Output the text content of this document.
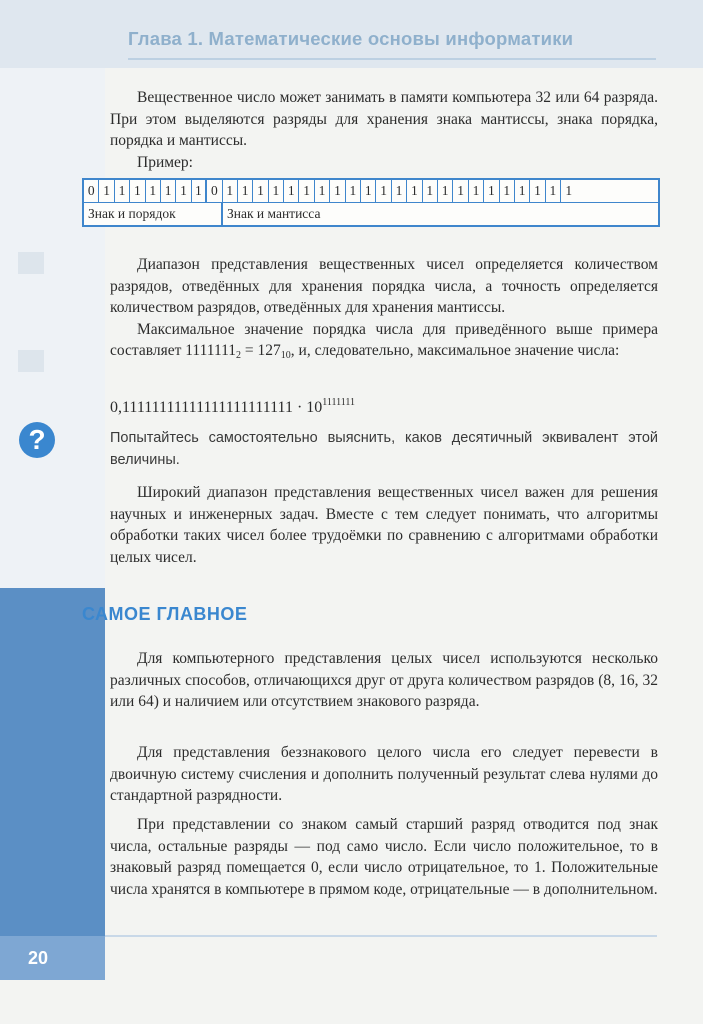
Глава 1. Математические основы информатики
20

Вещественное число может занимать в памяти компьютера 32 или 64 разряда. При этом выделяются разряды для хранения знака мантиссы, знака порядка, порядка и мантиссы.

Пример:

0 1 1 1 1 1 1 1 0 1 1 1 1 1 1 1 1 1 1 1 1 1 1 1 1 1 1 1 1 1 1 1
Знак и порядок	Знак и мантисса

Диапазон представления вещественных чисел определяется количеством разрядов, отведённых для хранения порядка числа, а точность определяется количеством разрядов, отведённых для хранения мантиссы.

Максимальное значение порядка числа для приведённого выше примера составляет $1111111_2 = 127_{10}$, и, следовательно, максимальное значение числа:

$0,11111111111111111111111 \cdot 10^{1111111}$
?	Попытайтесь самостоятельно выяснить, каков десятичный эквивалент этой величины.

Широкий диапазон представления вещественных чисел важен для решения научных и инженерных задач. Вместе с тем следует понимать, что алгоритмы обработки таких чисел более трудоёмки по сравнению с алгоритмами обработки целых чисел.

САМОЕ ГЛАВНОЕ

Для компьютерного представления целых чисел используются несколько различных способов, отличающихся друг от друга количеством разрядов (8, 16, 32 или 64) и наличием или отсутствием знакового разряда.

Для представления беззнакового целого числа его следует перевести в двоичную систему счисления и дополнить полученный результат слева нулями до стандартной разрядности.

При представлении со знаком самый старший разряд отводится под знак числа, остальные разряды — под само число. Если число положительное, то в знаковый разряд помещается 0, если число отрицательное, то 1. Положительные числа хранятся в компьютере в прямом коде, отрицательные — в дополнительном.
